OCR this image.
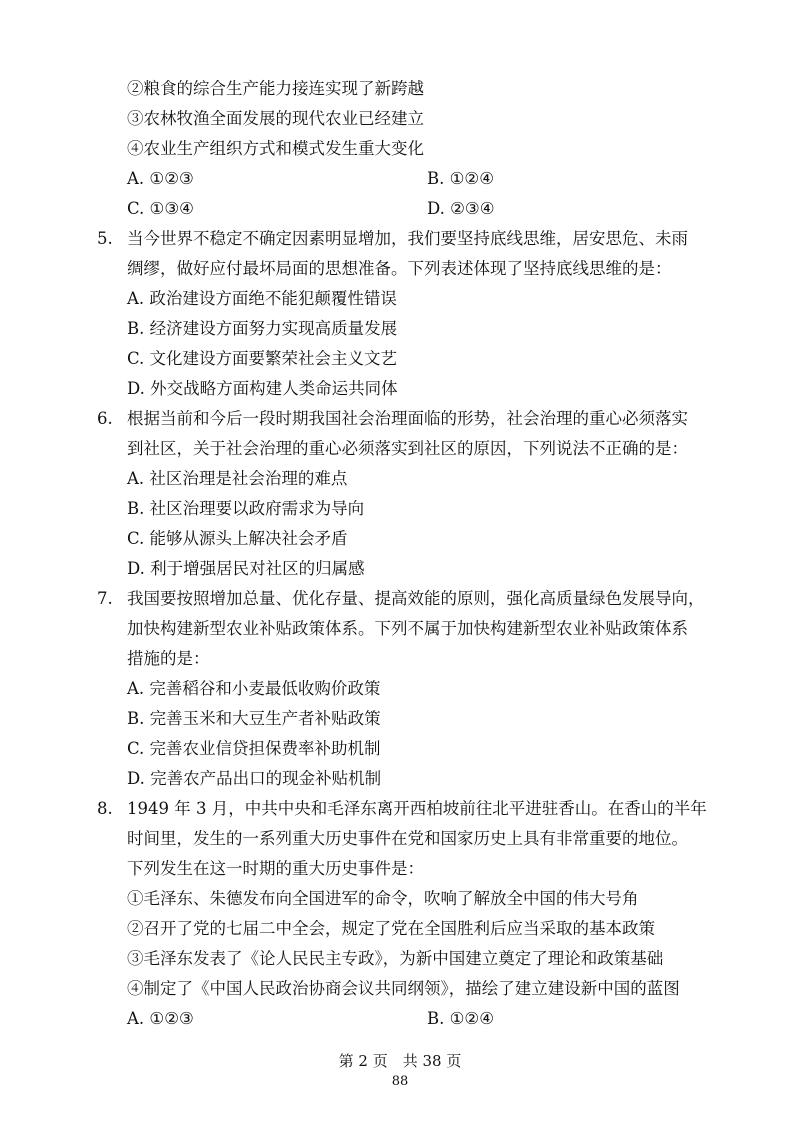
②粮食的综合生产能力接连实现了新跨越
③农林牧渔全面发展的现代农业已经建立
④农业生产组织方式和模式发生重大变化
A. ①②③	B. ①②④
C. ①③④	D. ②③④
5. 当今世界不稳定不确定因素明显增加，我们要坚持底线思维，居安思危、未雨
绸缪，做好应付最坏局面的思想准备。下列表述体现了坚持底线思维的是：
A. 政治建设方面绝不能犯颠覆性错误
B. 经济建设方面努力实现高质量发展
C. 文化建设方面要繁荣社会主义文艺
D. 外交战略方面构建人类命运共同体
6. 根据当前和今后一段时期我国社会治理面临的形势，社会治理的重心必须落实
到社区，关于社会治理的重心必须落实到社区的原因，下列说法不正确的是：
A. 社区治理是社会治理的难点
B. 社区治理要以政府需求为导向
C. 能够从源头上解决社会矛盾
D. 利于增强居民对社区的归属感
7. 我国要按照增加总量、优化存量、提高效能的原则，强化高质量绿色发展导向，
加快构建新型农业补贴政策体系。下列不属于加快构建新型农业补贴政策体系
措施的是：
A. 完善稻谷和小麦最低收购价政策
B. 完善玉米和大豆生产者补贴政策
C. 完善农业信贷担保费率补助机制
D. 完善农产品出口的现金补贴机制
8. 1949 年 3 月，中共中央和毛泽东离开西柏坡前往北平进驻香山。在香山的半年
时间里，发生的一系列重大历史事件在党和国家历史上具有非常重要的地位。
下列发生在这一时期的重大历史事件是：
①毛泽东、朱德发布向全国进军的命令，吹响了解放全中国的伟大号角
②召开了党的七届二中全会，规定了党在全国胜利后应当采取的基本政策
③毛泽东发表了《论人民民主专政》，为新中国建立奠定了理论和政策基础
④制定了《中国人民政治协商会议共同纲领》，描绘了建立建设新中国的蓝图
A. ①②③	B. ①②④
第 2 页　共 38 页
88
